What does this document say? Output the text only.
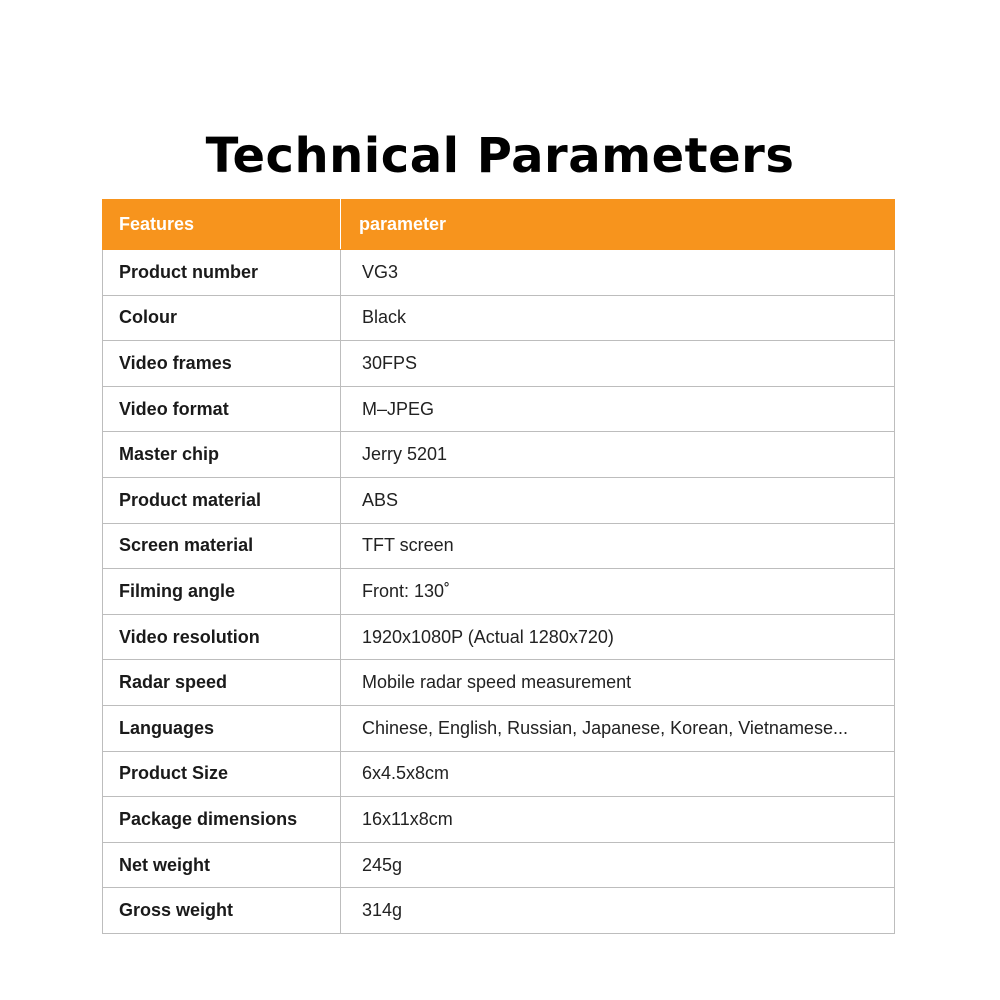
Technical Parameters
Features	parameter
Product number	VG3
Colour	Black
Video frames	30FPS
Video format	M–JPEG
Master chip	Jerry 5201
Product material	ABS
Screen material	TFT screen
Filming angle	Front: 130˚
Video resolution	1920x1080P (Actual 1280x720)
Radar speed	Mobile radar speed measurement
Languages	Chinese, English, Russian, Japanese, Korean, Vietnamese...
Product Size	6x4.5x8cm
Package dimensions	16x11x8cm
Net weight	245g
Gross weight	314g
